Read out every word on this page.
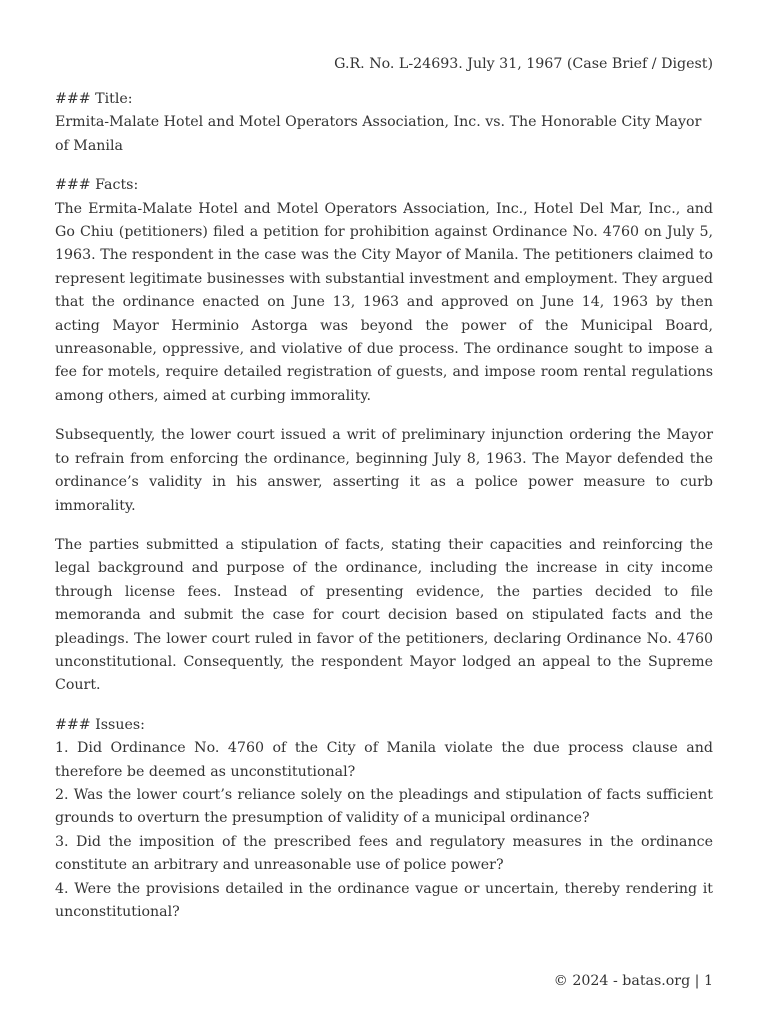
G.R. No. L-24693. July 31, 1967 (Case Brief / Digest)

### Title:

Ermita-Malate Hotel and Motel Operators Association, Inc. vs. The Honorable City Mayor of Manila

### Facts:

The Ermita-Malate Hotel and Motel Operators Association, Inc., Hotel Del Mar, Inc., and Go Chiu (petitioners) filed a petition for prohibition against Ordinance No. 4760 on July 5, 1963. The respondent in the case was the City Mayor of Manila. The petitioners claimed to represent legitimate businesses with substantial investment and employment. They argued that the ordinance enacted on June 13, 1963 and approved on June 14, 1963 by then acting Mayor Herminio Astorga was beyond the power of the Municipal Board, unreasonable, oppressive, and violative of due process. The ordinance sought to impose a fee for motels, require detailed registration of guests, and impose room rental regulations among others, aimed at curbing immorality.

Subsequently, the lower court issued a writ of preliminary injunction ordering the Mayor to refrain from enforcing the ordinance, beginning July 8, 1963. The Mayor defended the ordinance’s validity in his answer, asserting it as a police power measure to curb immorality.

The parties submitted a stipulation of facts, stating their capacities and reinforcing the legal background and purpose of the ordinance, including the increase in city income through license fees. Instead of presenting evidence, the parties decided to file memoranda and submit the case for court decision based on stipulated facts and the pleadings. The lower court ruled in favor of the petitioners, declaring Ordinance No. 4760 unconstitutional. Consequently, the respondent Mayor lodged an appeal to the Supreme Court.

### Issues:

1. Did Ordinance No. 4760 of the City of Manila violate the due process clause and therefore be deemed as unconstitutional?

2. Was the lower court’s reliance solely on the pleadings and stipulation of facts sufficient grounds to overturn the presumption of validity of a municipal ordinance?

3. Did the imposition of the prescribed fees and regulatory measures in the ordinance constitute an arbitrary and unreasonable use of police power?

4. Were the provisions detailed in the ordinance vague or uncertain, thereby rendering it unconstitutional?

© 2024 - batas.org | 1
